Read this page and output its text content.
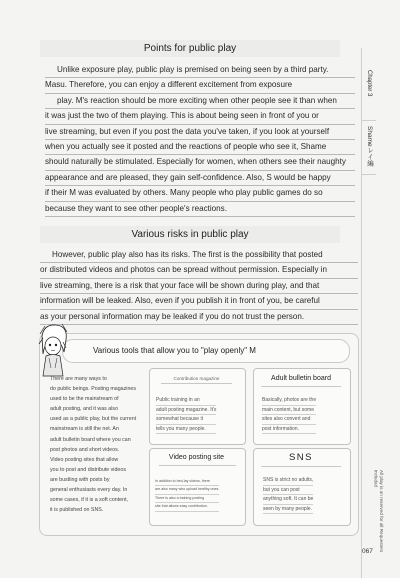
Chapter 3
Shameレイ編
All play is on reserved for all Requesters included
067
Points for public play
Unlike exposure play, public play is premised on being seen by a third party.
Masu. Therefore, you can enjoy a different excitement from exposure
play. M's reaction should be more exciting when other people see it than when
it was just the two of them playing. This is about being seen in front of you or
live streaming, but even if you post the data you've taken, if you look at yourself
when you actually see it posted and the reactions of people who see it, Shame
should naturally be stimulated. Especially for women, when others see their naughty
appearance and are pleased, they gain self-confidence. Also, S would be happy
if their M was evaluated by others. Many people who play public games do so
because they want to see other people's reactions.
Various risks in public play
However, public play also has its risks. The first is the possibility that posted
or distributed videos and photos can be spread without permission. Especially in
live streaming, there is a risk that your face will be shown during play, and that
information will be leaked. Also, even if you publish it in front of you, be careful
as your personal information may be leaked if you do not trust the person.
Various tools that allow you to "play openly" M
There are many ways to
do public beings. Posting magazines
used to be the mainstream of
adult posting, and it was also
used as a public play, but the current
mainstream is still the net. An
adult bulletin board where you can
post photos and short videos.
Video posting sites that allow
you to post and distribute videos
are bustling with posts by
general enthusiasts every day. In
some cases, if it is a soft content,
it is published on SNS.
Contribution magazine
Public training in an
adult posting magazine. It's
somewhat because it
tells you many people.
Adult bulletin board
Basically, photos are the
main content, but some
sites also convert and
post information.
Video posting site
In addition to bed-lay videos, there
are also many who upload healthy ones.
There is also a training posting
site that allows easy contribution.
SNS
SNS is strict no adults,
but you can post
anything soft. It can be
seen by many people.
